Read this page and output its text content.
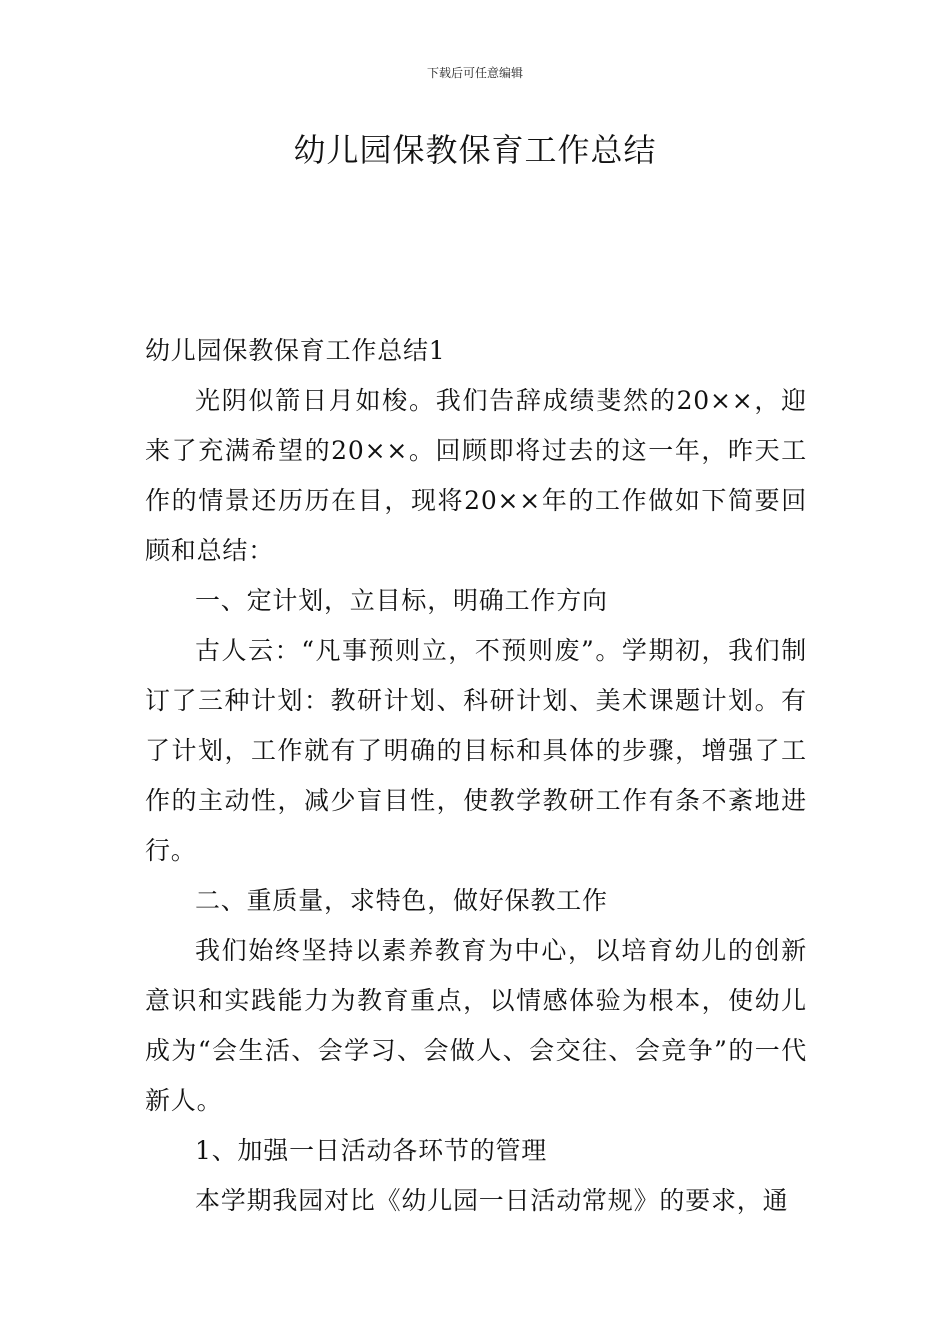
下载后可任意编辑
幼儿园保教保育工作总结

幼儿园保教保育工作总结1

光阴似箭日月如梭。我们告辞成绩斐然的20××，迎来了充满希望的20××。回顾即将过去的这一年，昨天工作的情景还历历在目，现将20××年的工作做如下简要回顾和总结：

一、定计划，立目标，明确工作方向

古人云：“凡事预则立，不预则废”。学期初，我们制订了三种计划：教研计划、科研计划、美术课题计划。有了计划，工作就有了明确的目标和具体的步骤，增强了工作的主动性，减少盲目性，使教学教研工作有条不紊地进行。

二、重质量，求特色，做好保教工作

我们始终坚持以素养教育为中心，以培育幼儿的创新意识和实践能力为教育重点，以情感体验为根本，使幼儿成为“会生活、会学习、会做人、会交往、会竞争”的一代新人。

1、加强一日活动各环节的管理

本学期我园对比《幼儿园一日活动常规》的要求，通
